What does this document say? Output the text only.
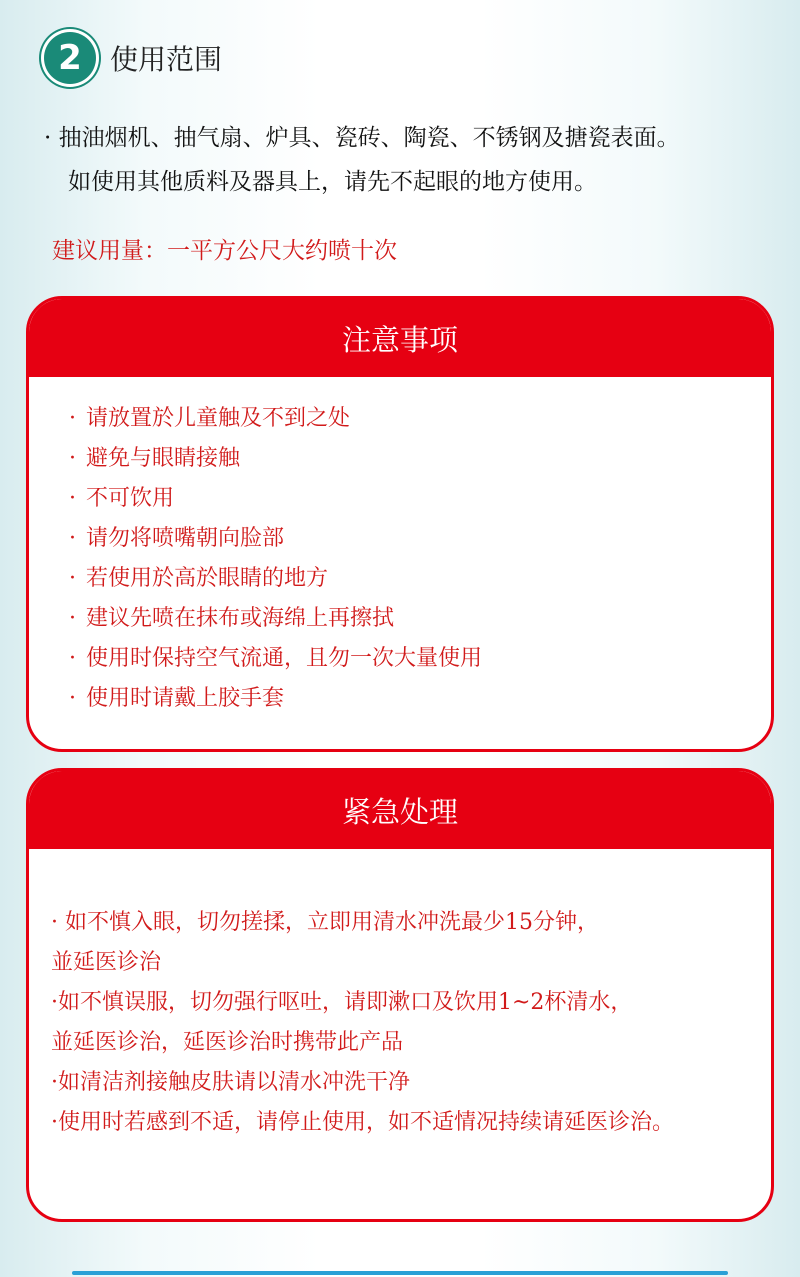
2	使用范围
· 抽油烟机、抽气扇、炉具、瓷砖、陶瓷、不锈钢及搪瓷表面。
如使用其他质料及器具上，请先不起眼的地方使用。
建议用量：一平方公尺大约喷十次
注意事项
· 请放置於儿童触及不到之处
· 避免与眼睛接触
· 不可饮用
· 请勿将喷嘴朝向脸部
· 若使用於高於眼睛的地方
· 建议先喷在抹布或海绵上再擦拭
· 使用时保持空气流通，且勿一次大量使用
· 使用时请戴上胶手套
紧急处理
· 如不慎入眼，切勿搓揉，立即用清水冲洗最少15分钟，
並延医诊治
·如不慎误服，切勿强行呕吐，请即漱口及饮用1~2杯清水，
並延医诊治，延医诊治时携带此产品
·如清洁剂接触皮肤请以清水冲洗干净
·使用时若感到不适，请停止使用，如不适情况持续请延医诊治。
